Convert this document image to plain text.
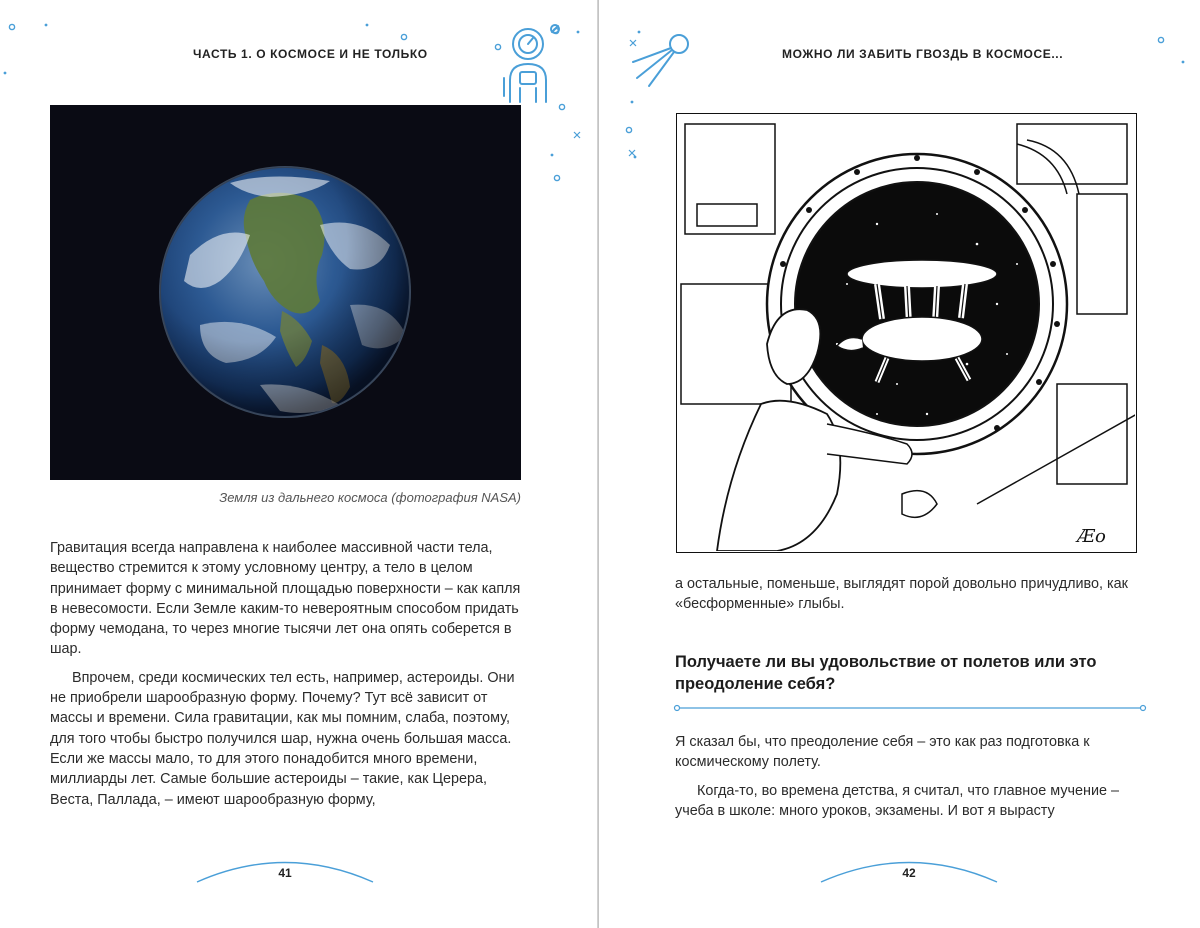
ЧАСТЬ 1. О КОСМОСЕ И НЕ ТОЛЬКО
Земля из дальнего космоса (фотография NASA)

Гравитация всегда направлена к наиболее массивной части тела, вещество стремится к этому условному центру, а тело в целом принимает форму с минимальной площадью поверхности – как капля в невесомости. Если Земле каким-то невероятным способом придать форму чемодана, то через многие тысячи лет она опять соберется в шар.

Впрочем, среди космических тел есть, например, астероиды. Они не приобрели шарообразную форму. Почему? Тут всё зависит от массы и времени. Сила гравитации, как мы помним, слаба, поэтому, для того чтобы быстро получился шар, нужна очень большая масса. Если же массы мало, то для этого понадобится много времени, миллиарды лет. Самые большие астероиды – такие, как Церера, Веста, Паллада, – имеют шарообразную форму,

41
МОЖНО ЛИ ЗАБИТЬ ГВОЗДЬ В КОСМОСЕ...
Æo
а остальные, поменьше, выглядят порой довольно причудливо, как «бесформенные» глыбы.
Получаете ли вы удовольствие от полетов или это преодоление себя?

Я сказал бы, что преодоление себя – это как раз подготовка к космическому полету.

Когда-то, во времена детства, я считал, что главное мучение – учеба в школе: много уроков, экзамены. И вот я вырасту

42
